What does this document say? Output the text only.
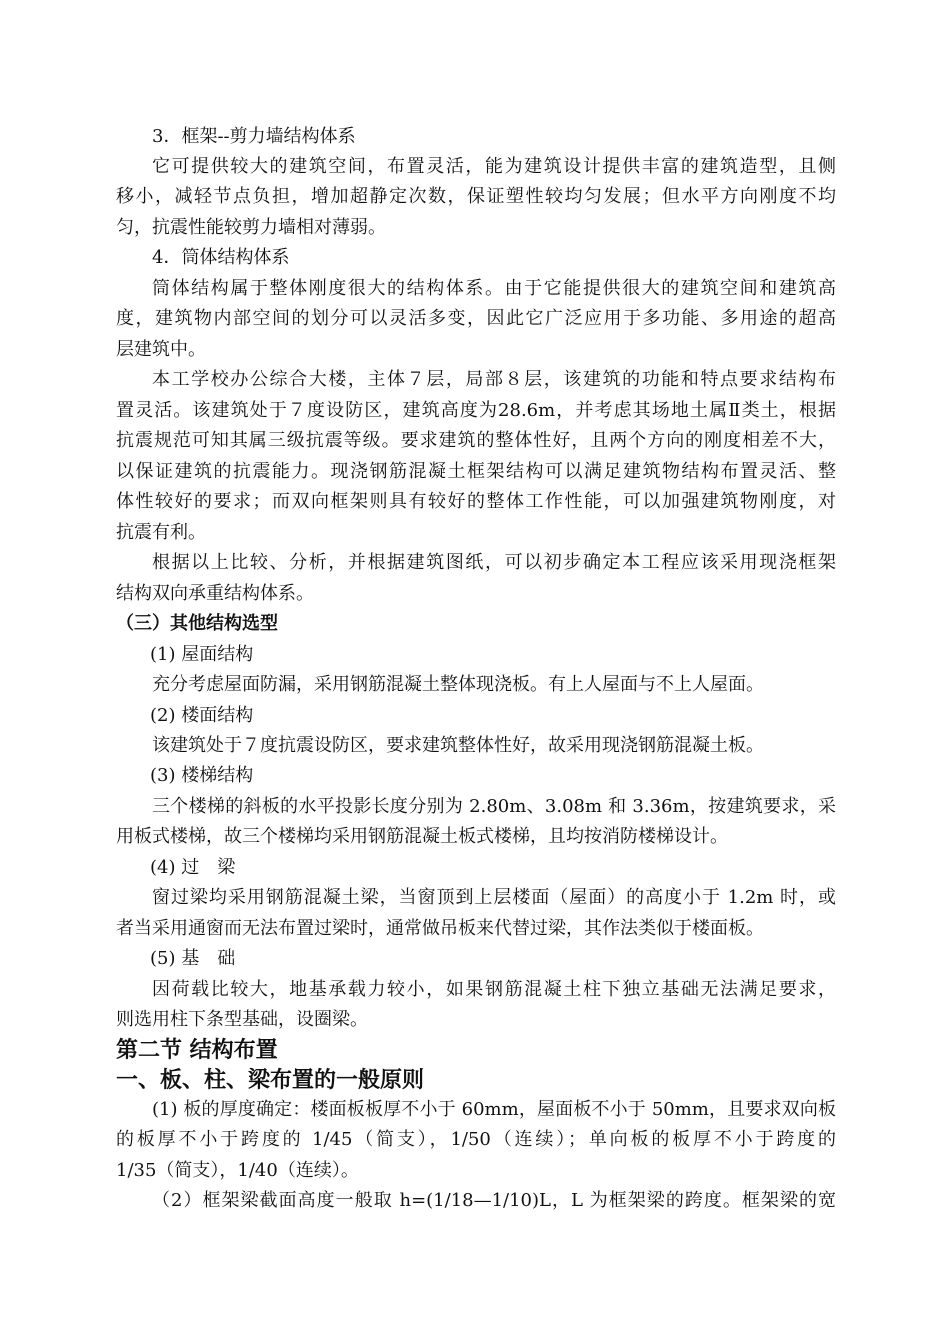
3．框架--剪力墙结构体系
它可提供较大的建筑空间，布置灵活，能为建筑设计提供丰富的建筑造型，且侧
移小，减轻节点负担，增加超静定次数，保证塑性较均匀发展；但水平方向刚度不均
匀，抗震性能较剪力墙相对薄弱。
4．筒体结构体系
筒体结构属于整体刚度很大的结构体系。由于它能提供很大的建筑空间和建筑高
度，建筑物内部空间的划分可以灵活多变，因此它广泛应用于多功能、多用途的超高
层建筑中。
本工学校办公综合大楼，主体７层，局部８层，该建筑的功能和特点要求结构布
置灵活。该建筑处于７度设防区，建筑高度为28.6m，并考虑其场地土属Ⅱ类土，根据
抗震规范可知其属三级抗震等级。要求建筑的整体性好，且两个方向的刚度相差不大，
以保证建筑的抗震能力。现浇钢筋混凝土框架结构可以满足建筑物结构布置灵活、整
体性较好的要求；而双向框架则具有较好的整体工作性能，可以加强建筑物刚度，对
抗震有利。
根据以上比较、分析，并根据建筑图纸，可以初步确定本工程应该采用现浇框架
结构双向承重结构体系。
（三）其他结构选型
(1) 屋面结构
充分考虑屋面防漏，采用钢筋混凝土整体现浇板。有上人屋面与不上人屋面。
(2) 楼面结构
该建筑处于７度抗震设防区，要求建筑整体性好，故采用现浇钢筋混凝土板。
(3) 楼梯结构
三个楼梯的斜板的水平投影长度分别为 2.80m、3.08m 和 3.36m，按建筑要求，采
用板式楼梯，故三个楼梯均采用钢筋混凝土板式楼梯，且均按消防楼梯设计。
(4) 过　梁
窗过梁均采用钢筋混凝土梁，当窗顶到上层楼面（屋面）的高度小于 1.2m 时，或
者当采用通窗而无法布置过梁时，通常做吊板来代替过梁，其作法类似于楼面板。
(5) 基　础
因荷载比较大，地基承载力较小，如果钢筋混凝土柱下独立基础无法满足要求，
则选用柱下条型基础，设圈梁。
第二节 结构布置
一、板、柱、梁布置的一般原则
(1) 板的厚度确定：楼面板板厚不小于 60mm，屋面板不小于 50mm，且要求双向板
的板厚不小于跨度的 1/45（简支），1/50（连续）；单向板的板厚不小于跨度的
1/35（简支），1/40（连续）。
（2）框架梁截面高度一般取 h=(1/18—1/10)L，L 为框架梁的跨度。框架梁的宽
